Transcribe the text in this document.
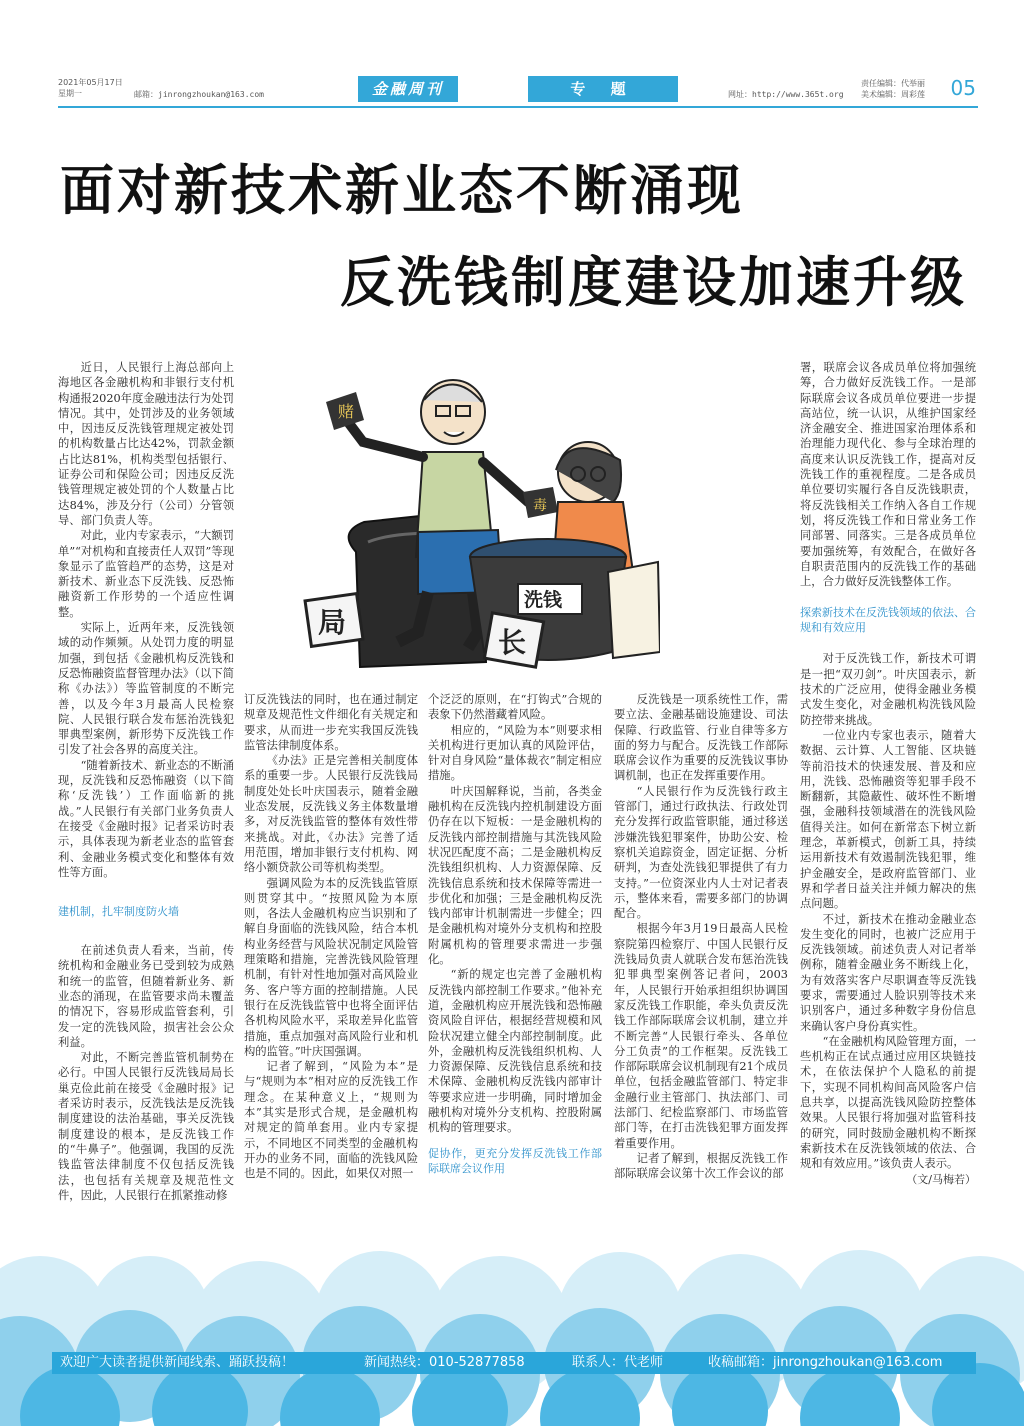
2021年05月17日
星期一	邮箱：jinrongzhoukan@163.com	金融周刊	专 题	网址：http://www.365t.org
责任编辑：代举丽
美术编辑：周彩莲 05
面对新技术新业态不断涌现
反洗钱制度建设加速升级

近日，人民银行上海总部向上海地区各金融机构和非银行支付机构通报2020年度金融违法行为处罚情况。其中，处罚涉及的业务领域中，因违反反洗钱管理规定被处罚的机构数量占比达42%，罚款金额占比达81%，机构类型包括银行、证券公司和保险公司；因违反反洗钱管理规定被处罚的个人数量占比达84%，涉及分行（公司）分管领导、部门负责人等。

对此，业内专家表示，“大额罚单”“对机构和直接责任人双罚”等现象显示了监管趋严的态势，这是对新技术、新业态下反洗钱、反恐怖融资新工作形势的一个适应性调整。

实际上，近两年来，反洗钱领域的动作频频。从处罚力度的明显加强，到包括《金融机构反洗钱和反恐怖融资监督管理办法》（以下简称《办法》）等监管制度的不断完善，以及今年3月最高人民检察院、人民银行联合发布惩治洗钱犯罪典型案例，新形势下反洗钱工作引发了社会各界的高度关注。

“随着新技术、新业态的不断涌现，反洗钱和反恐怖融资（以下简称‘反洗钱’）工作面临新的挑战。”人民银行有关部门业务负责人在接受《金融时报》记者采访时表示，具体表现为新老业态的监管套利、金融业务模式变化和整体有效性等方面。

建机制，扎牢制度防火墙

在前述负责人看来，当前，传统机构和金融业务已受到较为成熟和统一的监管，但随着新业务、新业态的涌现，在监管要求尚未覆盖的情况下，容易形成监管套利，引发一定的洗钱风险，损害社会公众利益。

对此，不断完善监管机制势在必行。中国人民银行反洗钱局局长巢克俭此前在接受《金融时报》记者采访时表示，反洗钱法是反洗钱制度建设的法治基础，事关反洗钱制度建设的根本，是反洗钱工作的“牛鼻子”。他强调，我国的反洗钱监管法律制度不仅包括反洗钱法，也包括有关规章及规范性文件，因此，人民银行在抓紧推动修

赌
毒
洗钱
局
长

订反洗钱法的同时，也在通过制定规章及规范性文件细化有关规定和要求，从而进一步充实我国反洗钱监管法律制度体系。

《办法》正是完善相关制度体系的重要一步。人民银行反洗钱局制度处处长叶庆国表示，随着金融业态发展，反洗钱义务主体数量增多，对反洗钱监管的整体有效性带来挑战。对此，《办法》完善了适用范围，增加非银行支付机构、网络小额贷款公司等机构类型。

强调风险为本的反洗钱监管原则贯穿其中。“按照风险为本原则，各法人金融机构应当识别和了解自身面临的洗钱风险，结合本机构业务经营与风险状况制定风险管理策略和措施，完善洗钱风险管理机制，有针对性地加强对高风险业务、客户等方面的控制措施。人民银行在反洗钱监管中也将全面评估各机构风险水平，采取差异化监管措施，重点加强对高风险行业和机构的监管。”叶庆国强调。

记者了解到，“风险为本”是与“规则为本”相对应的反洗钱工作理念。在某种意义上，“规则为本”其实是形式合规，是金融机构对规定的简单套用。业内专家提示，不同地区不同类型的金融机构开办的业务不同，面临的洗钱风险也是不同的。因此，如果仅对照一

个泛泛的原则，在“打钩式”合规的表象下仍然潜藏着风险。

相应的，“风险为本”则要求相关机构进行更加认真的风险评估，针对自身风险“量体裁衣”制定相应措施。

叶庆国解释说，当前，各类金融机构在反洗钱内控机制建设方面仍存在以下短板：一是金融机构的反洗钱内部控制措施与其洗钱风险状况匹配度不高；二是金融机构反洗钱组织机构、人力资源保障、反洗钱信息系统和技术保障等需进一步优化和加强；三是金融机构反洗钱内部审计机制需进一步健全；四是金融机构对境外分支机构和控股附属机构的管理要求需进一步强化。

“新的规定也完善了金融机构反洗钱内部控制工作要求。”他补充道，金融机构应开展洗钱和恐怖融资风险自评估，根据经营规模和风险状况建立健全内部控制制度。此外，金融机构反洗钱组织机构、人力资源保障、反洗钱信息系统和技术保障、金融机构反洗钱内部审计等要求应进一步明确，同时增加金融机构对境外分支机构、控股附属机构的管理要求。

促协作，更充分发挥反洗钱工作部际联席会议作用

反洗钱是一项系统性工作，需要立法、金融基础设施建设、司法保障、行政监管、行业自律等多方面的努力与配合。反洗钱工作部际联席会议作为重要的反洗钱议事协调机制，也正在发挥重要作用。

“人民银行作为反洗钱行政主管部门，通过行政执法、行政处罚充分发挥行政监管职能，通过移送涉嫌洗钱犯罪案件，协助公安、检察机关追踪资金，固定证据、分析研判，为查处洗钱犯罪提供了有力支持。”一位资深业内人士对记者表示，整体来看，需要多部门的协调配合。

根据今年3月19日最高人民检察院第四检察厅、中国人民银行反洗钱局负责人就联合发布惩治洗钱犯罪典型案例答记者问，2003年，人民银行开始承担组织协调国家反洗钱工作职能，牵头负责反洗钱工作部际联席会议机制，建立并不断完善“人民银行牵头、各单位分工负责”的工作框架。反洗钱工作部际联席会议机制现有21个成员单位，包括金融监管部门、特定非金融行业主管部门、执法部门、司法部门、纪检监察部门、市场监管部门等，在打击洗钱犯罪方面发挥着重要作用。

记者了解到，根据反洗钱工作部际联席会议第十次工作会议的部

署，联席会议各成员单位将加强统筹，合力做好反洗钱工作。一是部际联席会议各成员单位要进一步提高站位，统一认识，从维护国家经济金融安全、推进国家治理体系和治理能力现代化、参与全球治理的高度来认识反洗钱工作，提高对反洗钱工作的重视程度。二是各成员单位要切实履行各自反洗钱职责，将反洗钱相关工作纳入各自工作规划，将反洗钱工作和日常业务工作同部署、同落实。三是各成员单位要加强统筹，有效配合，在做好各自职责范围内的反洗钱工作的基础上，合力做好反洗钱整体工作。

探索新技术在反洗钱领域的依法、合规和有效应用

对于反洗钱工作，新技术可谓是一把“双刃剑”。叶庆国表示，新技术的广泛应用，使得金融业务模式发生变化，对金融机构洗钱风险防控带来挑战。

一位业内专家也表示，随着大数据、云计算、人工智能、区块链等前沿技术的快速发展、普及和应用，洗钱、恐怖融资等犯罪手段不断翻新，其隐蔽性、破坏性不断增强，金融科技领域潜在的洗钱风险值得关注。如何在新常态下树立新理念，革新模式，创新工具，持续运用新技术有效遏制洗钱犯罪，维护金融安全，是政府监管部门、业界和学者日益关注并倾力解决的焦点问题。

不过，新技术在推动金融业态发生变化的同时，也被广泛应用于反洗钱领域。前述负责人对记者举例称，随着金融业务不断线上化，为有效落实客户尽职调查等反洗钱要求，需要通过人脸识别等技术来识别客户，通过多种数字身份信息来确认客户身份真实性。

“在金融机构风险管理方面，一些机构正在试点通过应用区块链技术，在依法保护个人隐私的前提下，实现不同机构间高风险客户信息共享，以提高洗钱风险防控整体效果。人民银行将加强对监管科技的研究，同时鼓励金融机构不断探索新技术在反洗钱领域的依法、合规和有效应用。”该负责人表示。

（文/马梅若）

欢迎广大读者提供新闻线索、踊跃投稿！	新闻热线：010-52877858	联系人：代老师	收稿邮箱：jinrongzhoukan@163.com
